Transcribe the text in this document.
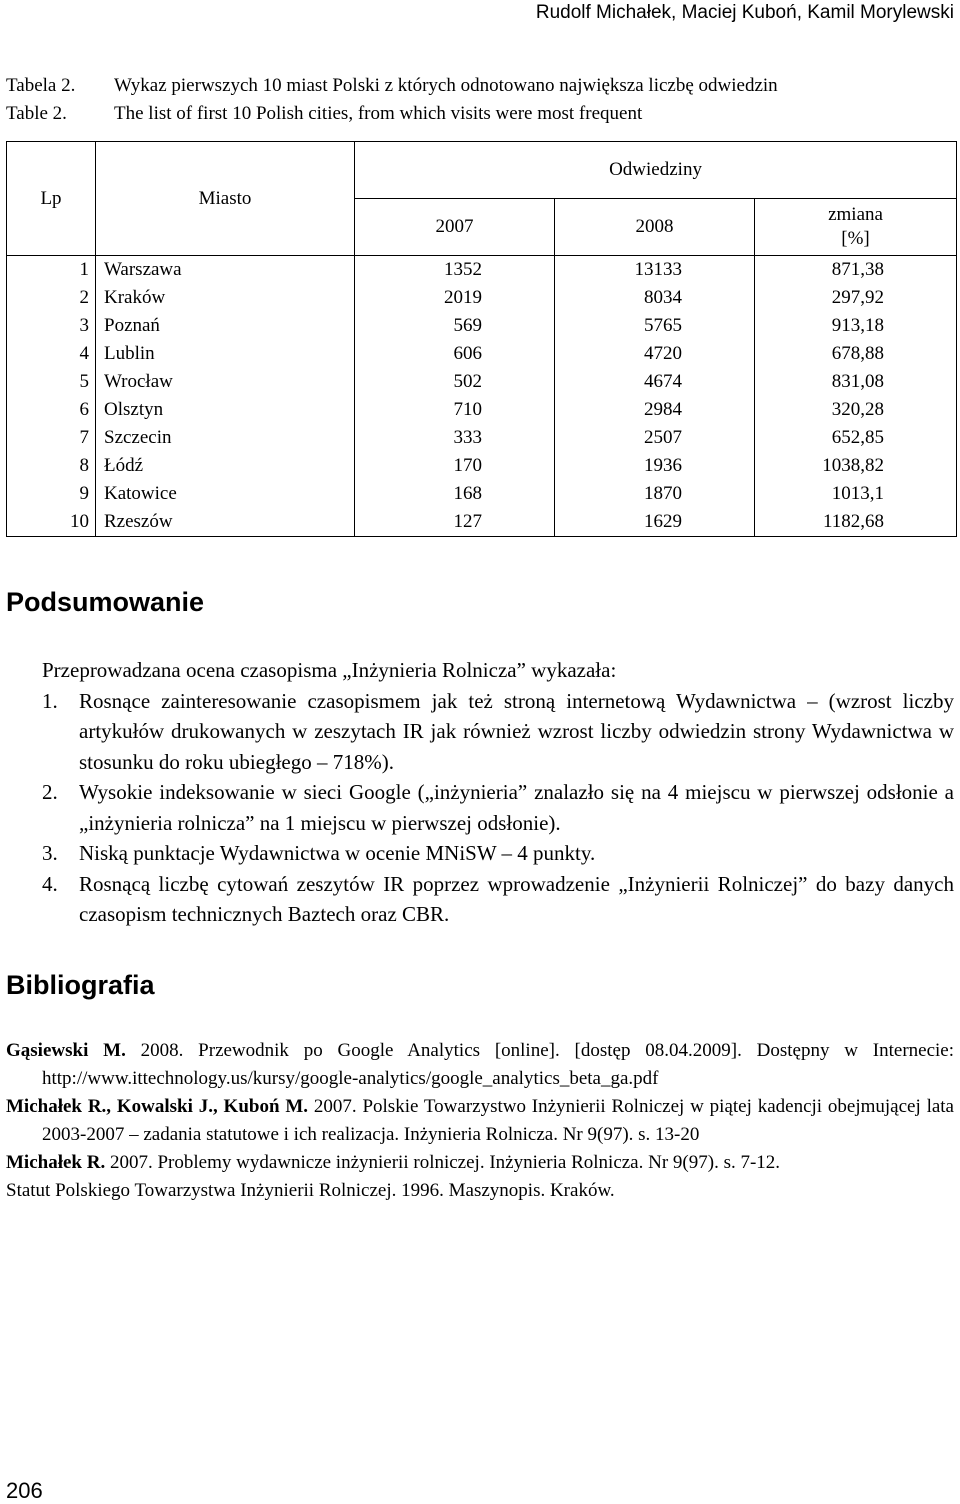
Rudolf Michałek, Maciej Kuboń, Kamil Morylewski
Tabela 2.	Wykaz pierwszych 10 miast Polski z których odnotowano największa liczbę odwiedzin
Table 2.	The list of first 10 Polish cities, from which visits were most frequent
Lp	Miasto	Odwiedziny		
		2007	2008	zmiana
[%]

1	Warszawa	1352	13133	871,38
2	Kraków	2019	8034	297,92
3	Poznań	569	5765	913,18
4	Lublin	606	4720	678,88
5	Wrocław	502	4674	831,08
6	Olsztyn	710	2984	320,28
7	Szczecin	333	2507	652,85
8	Łódź	170	1936	1038,82
9	Katowice	168	1870	1013,1
10	Rzeszów	127	1629	1182,68
Podsumowanie

Przeprowadzana ocena czasopisma „Inżynieria Rolnicza” wykazała:

1. Rosnące zainteresowanie czasopismem jak też stroną internetową Wydawnictwa – (wzrost liczby artykułów drukowanych w zeszytach IR jak również wzrost liczby odwiedzin strony Wydawnictwa w stosunku do roku ubiegłego – 718%).
2. Wysokie indeksowanie w sieci Google („inżynieria” znalazło się na 4 miejscu w pierwszej odsłonie a „inżynieria rolnicza” na 1 miejscu w pierwszej odsłonie).
3. Niską punktacje Wydawnictwa w ocenie MNiSW – 4 punkty.
4. Rosnącą liczbę cytowań zeszytów IR poprzez wprowadzenie „Inżynierii Rolniczej” do bazy danych czasopism technicznych Baztech oraz CBR.
Bibliografia
Gąsiewski M. 2008. Przewodnik po Google Analytics [online]. [dostęp 08.04.2009]. Dostępny w Internecie: http://www.ittechnology.us/kursy/google-analytics/google_analytics_beta_ga.pdf
Michałek R., Kowalski J., Kuboń M. 2007. Polskie Towarzystwo Inżynierii Rolniczej w piątej kadencji obejmującej lata 2003-2007 – zadania statutowe i ich realizacja. Inżynieria Rolnicza. Nr 9(97). s. 13-20
Michałek R. 2007. Problemy wydawnicze inżynierii rolniczej. Inżynieria Rolnicza. Nr 9(97). s. 7-12.
Statut Polskiego Towarzystwa Inżynierii Rolniczej. 1996. Maszynopis. Kraków.
206
